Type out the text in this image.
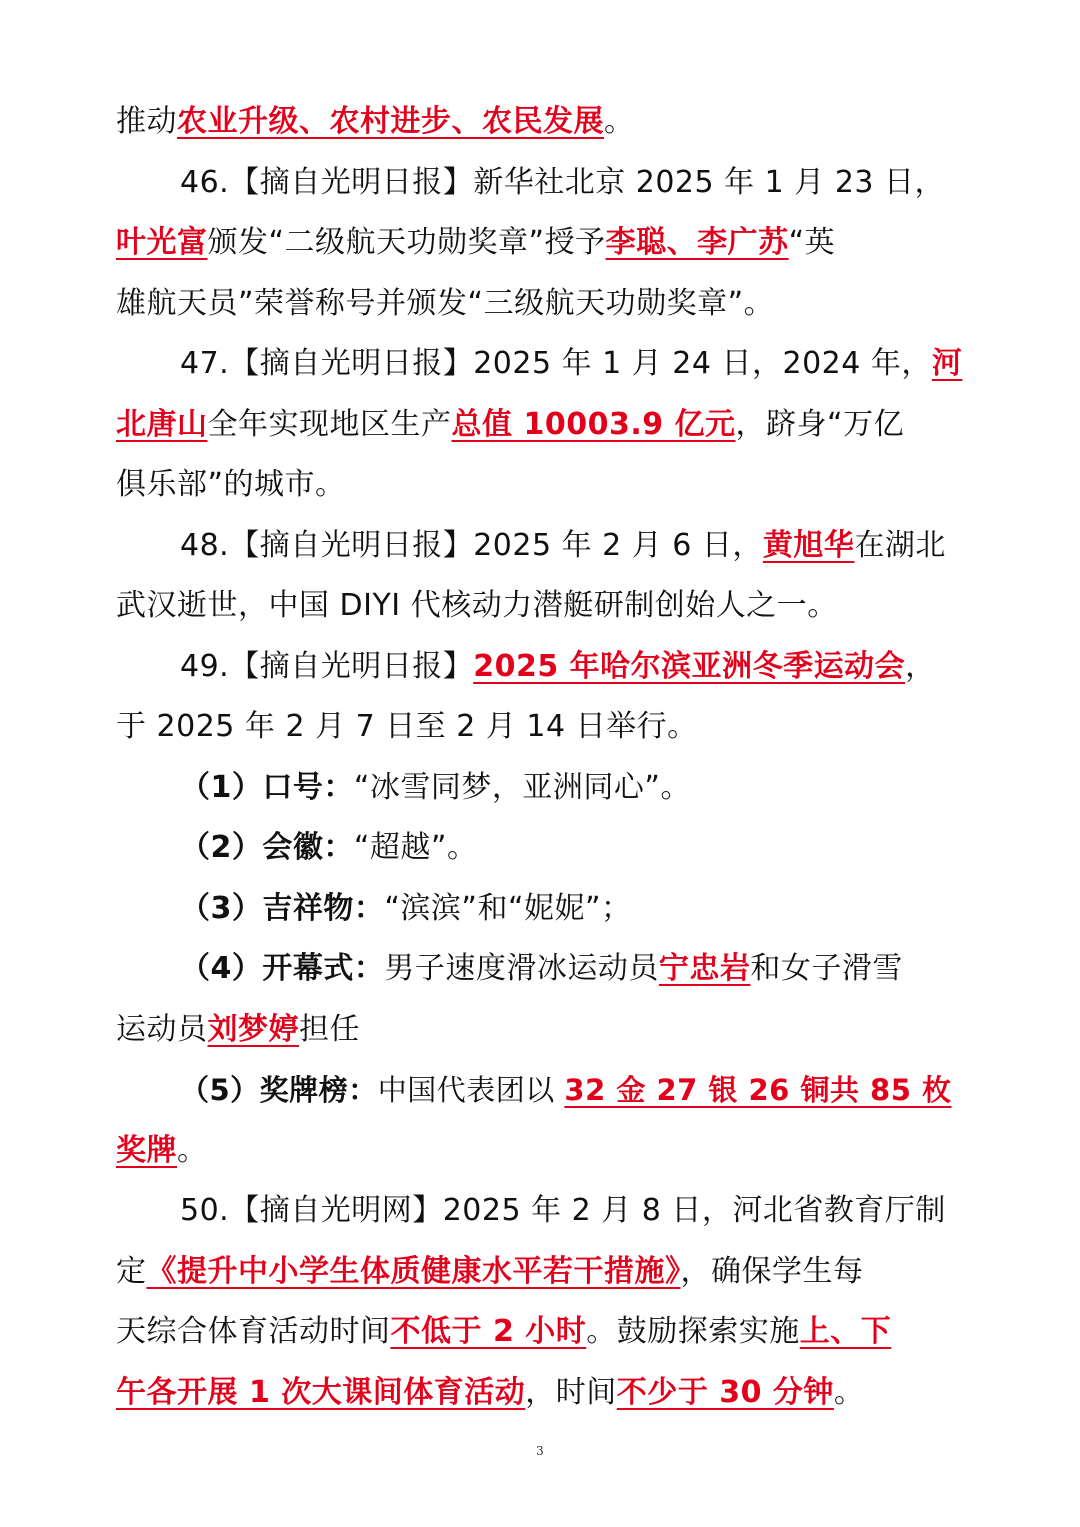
推动农业升级、农村进步、农民发展。
46.【摘自光明日报】新华社北京 2025 年 1 月 23 日，
叶光富颁发“二级航天功勋奖章”授予李聪、李广苏“英
雄航天员”荣誉称号并颁发“三级航天功勋奖章”。
47.【摘自光明日报】2025 年 1 月 24 日，2024 年，河
北唐山全年实现地区生产总值 10003.9 亿元，跻身“万亿
俱乐部”的城市。
48.【摘自光明日报】2025 年 2 月 6 日，黄旭华在湖北
武汉逝世，中国 DIYI 代核动力潜艇研制创始人之一。
49.【摘自光明日报】2025 年哈尔滨亚洲冬季运动会，
于 2025 年 2 月 7 日至 2 月 14 日举行。
（1）口号：“冰雪同梦，亚洲同心”。
（2）会徽：“超越”。
（3）吉祥物：“滨滨”和“妮妮”；
（4）开幕式：男子速度滑冰运动员宁忠岩和女子滑雪
运动员刘梦婷担任
（5）奖牌榜：中国代表团以 32 金 27 银 26 铜共 85 枚
奖牌。
50.【摘自光明网】2025 年 2 月 8 日，河北省教育厅制
定《提升中小学生体质健康水平若干措施》，确保学生每
天综合体育活动时间不低于 2 小时。鼓励探索实施上、下
午各开展 1 次大课间体育活动，时间不少于 30 分钟。
3
